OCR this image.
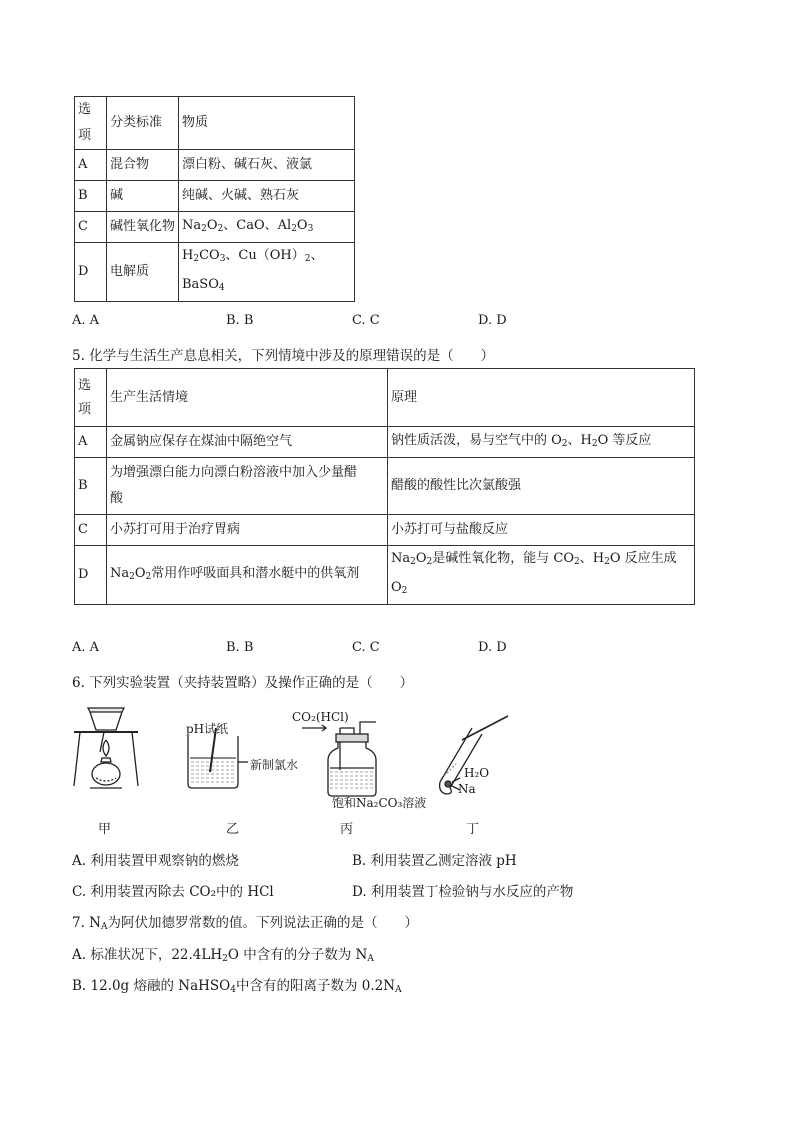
选项	分类标准	物质
A	混合物	漂白粉、碱石灰、液氯
B	碱	纯碱、火碱、熟石灰
C	碱性氧化物	$Na_2O_2$、CaO、$Al_2O_3$
D	电解质	$H_2CO_3$、$Cu(OH)_2$、
BaSO$_4$
A. A	B. B	C. C	D. D
5. 化学与生活生产息息相关，下列情境中涉及的原理错误的是（　　）
选
项	生产生活情境	原理
A	金属钠应保存在煤油中隔绝空气	钠性质活泼，易与空气中的 $O_2$、$H_2O$ 等反应
B	为增强漂白能力向漂白粉溶液中加入少量醋
酸	醋酸的酸性比次氯酸强
C	小苏打可用于治疗胃病	小苏打可与盐酸反应
D	$Na_2O_2$常用作呼吸面具和潜水艇中的供氧剂	$Na_2O_2$是碱性氧化物，能与 $CO_2$、$H_2O$ 反应生成
$O_2$
A. A	B. B	C. C	D. D
6. 下列实验装置（夹持装置略）及操作正确的是（　　）
pH试纸
新制氯水
CO₂(HCl)
饱和Na₂CO₃溶液
H₂O
Na
甲	乙	丙	丁
A. 利用装置甲观察钠的燃烧	B. 利用装置乙测定溶液 pH
C. 利用装置丙除去 CO₂中的 HCl	D. 利用装置丁检验钠与水反应的产物
7. $N_A$为阿伏加德罗常数的值。下列说法正确的是（　　）
A. 标准状况下，$22.4LH_2O$ 中含有的分子数为 $N_A$
B. 12.0g 熔融的 NaHSO$_4$中含有的阳离子数为 $0.2N_A$
